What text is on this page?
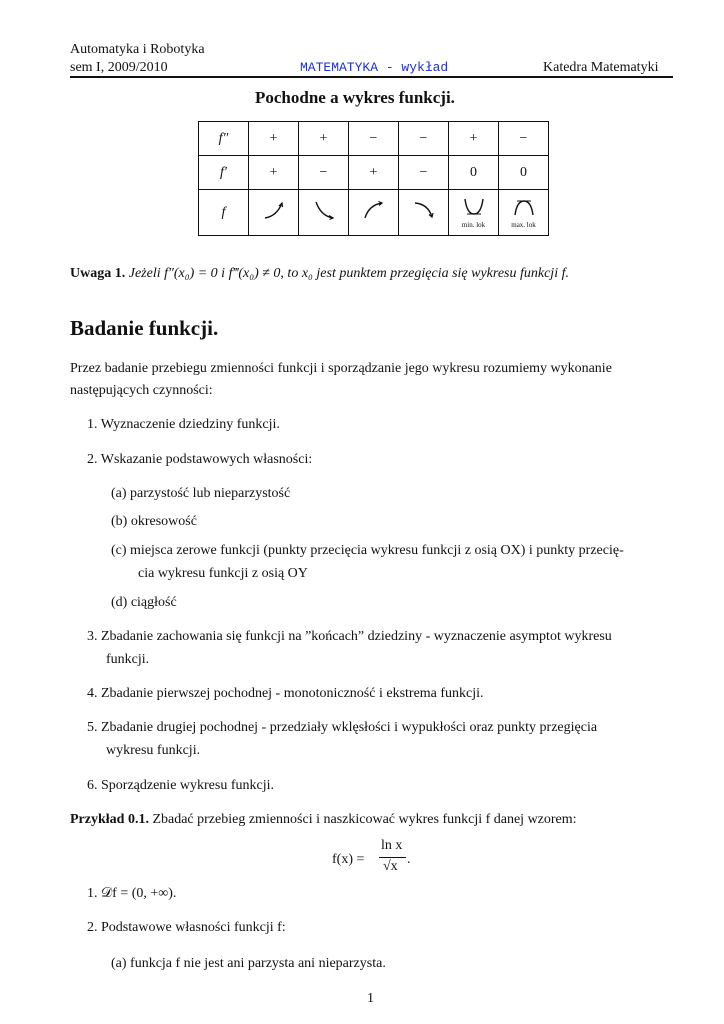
Automatyka i Robotyka
sem I, 2009/2010	MATEMATYKA - wykład	Katedra Matematyki
Pochodne a wykres funkcji.
f″	+	+	−	−	+	−
f′	+	−	+	−	0	0
f					min. lok	max. lok
Uwaga 1. Jeżeli f″(x₀) = 0 i f‴(x₀) ≠ 0, to x₀ jest punktem przegięcia się wykresu funkcji f.
Badanie funkcji.
Przez badanie przebiegu zmienności funkcji i sporządzanie jego wykresu rozumiemy wykonanie
następujących czynności:
1. Wyznaczenie dziedziny funkcji.
2. Wskazanie podstawowych własności:
(a) parzystość lub nieparzystość
(b) okresowość
(c) miejsca zerowe funkcji (punkty przecięcia wykresu funkcji z osią OX) i punkty przecię-
cia wykresu funkcji z osią OY
(d) ciągłość
3. Zbadanie zachowania się funkcji na ”końcach” dziedziny - wyznaczenie asymptot wykresu
funkcji.
4. Zbadanie pierwszej pochodnej - monotoniczność i ekstrema funkcji.
5. Zbadanie drugiej pochodnej - przedziały wklęsłości i wypukłości oraz punkty przegięcia
wykresu funkcji.
6. Sporządzenie wykresu funkcji.
Przykład 0.1. Zbadać przebieg zmienności i naszkicować wykres funkcji f danej wzorem:
f(x) =
ln x
√x .
1. 𝒟f = (0, +∞).
2. Podstawowe własności funkcji f:
(a) funkcja f nie jest ani parzysta ani nieparzysta.
1
